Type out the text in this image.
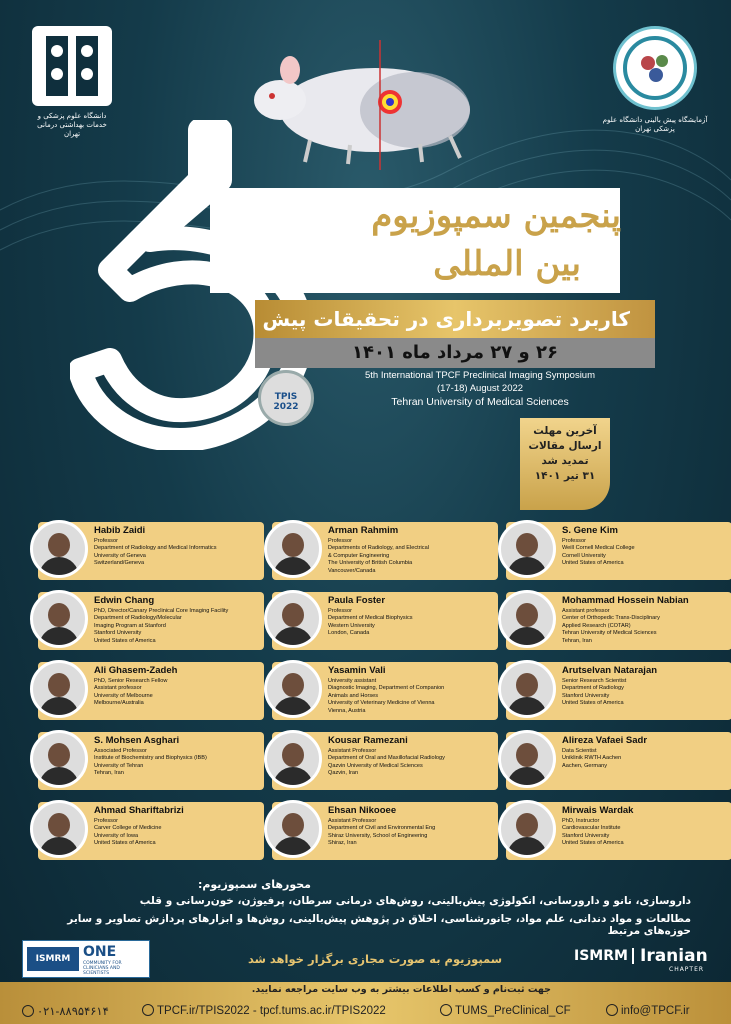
دانشگاه علوم پزشکی و خدمات بهداشتی درمانی تهران
آزمایشگاه پیش بالینی دانشگاه علوم پزشکی تهران
پنجمین سمپوزیوم
بین المللی
کاربرد تصویربرداری در تحقیقات پیش
۲۶ و ۲۷ مرداد ماه ۱۴۰۱
TPIS 2022
5th International TPCF Preclinical Imaging Symposium
(17-18) August 2022
Tehran University of Medical Sciences
آخرین مهلت
ارسال مقالات
تمدید شد
۳۱ تیر ۱۴۰۱
Habib Zaidi
Professor
Department of Radiology and Medical Informatics
University of Geneva
Switzerland/Geneva
Arman Rahmim
Professor
Departments of Radiology, and Electrical
& Computer Engineering
The University of British Columbia
Vancouver/Canada
S. Gene Kim
Professor
Weill Cornell Medical College
Cornell University
United States of America
Edwin Chang
PhD, Director/Canary Preclinical Core Imaging Facility
Department of Radiology/Molecular
Imaging Program at Stanford
Stanford University
United States of America
Paula Foster
Professor
Department of Medical Biophysics
Western University
London, Canada
Mohammad Hossein Nabian
Assistant professor
Center of Orthopedic Trans-Disciplinary
Applied Research (COTAR)
Tehran University of Medical Sciences
Tehran, Iran
Ali Ghasem-Zadeh
PhD, Senior Research Fellow
Assistant professor
University of Melbourne
Melbourne/Australia
Yasamin Vali
University assistant
Diagnostic Imaging, Department of Companion
Animals and Horses
University of Veterinary Medicine of Vienna
Vienna, Austria
Arutselvan Natarajan
Senior Research Scientist
Department of Radiology
Stanford University
United States of America
S. Mohsen Asghari
Associated Professor
Institute of Biochemistry and Biophysics (IBB)
University of Tehran
Tehran, Iran
Kousar Ramezani
Assistant Professor
Department of Oral and Maxillofacial Radiology
Qazvin University of Medical Sciences
Qazvin, Iran
Alireza Vafaei Sadr
Data Scientist
Uniklinik RWTH Aachen
Aachen, Germany
Ahmad Shariftabrizi
Professor
Carver College of Medicine
University of Iowa
United States of America
Ehsan Nikooee
Assistant Professor
Department of Civil and Environmental Eng
Shiraz University, School of Engineering
Shiraz, Iran
Mirwais Wardak
PhD, Instructor
Cardiovascular Institute
Stanford University
United States of America
محورهای سمپوزیوم:
داروسازی، نانو و دارورسانی، انکولوژی پیش‌بالینی، روش‌های درمانی سرطان، پرفیوژن، خون‌رسانی و قلب
مطالعات و مواد دندانی، علم مواد، جانورشناسی، اخلاق در پژوهش پیش‌بالینی، روش‌ها و ابزارهای پردازش تصاویر و سایر حوزه‌های مرتبط
ISMRM ONE
COMMUNITY FOR CLINICIANS AND SCIENTISTS
سمپوزیوم به صورت مجازی برگزار خواهد شد	ISMRM Iranian
CHAPTER
جهت ثبت‌نام و کسب اطلاعات بیشتر به وب سایت مراجعه نمایید.
۰۲۱-۸۸۹۵۴۶۱۴	TPCF.ir/TPIS2022 - tpcf.tums.ac.ir/TPIS2022	TUMS_PreClinical_CF	info@TPCF.ir
